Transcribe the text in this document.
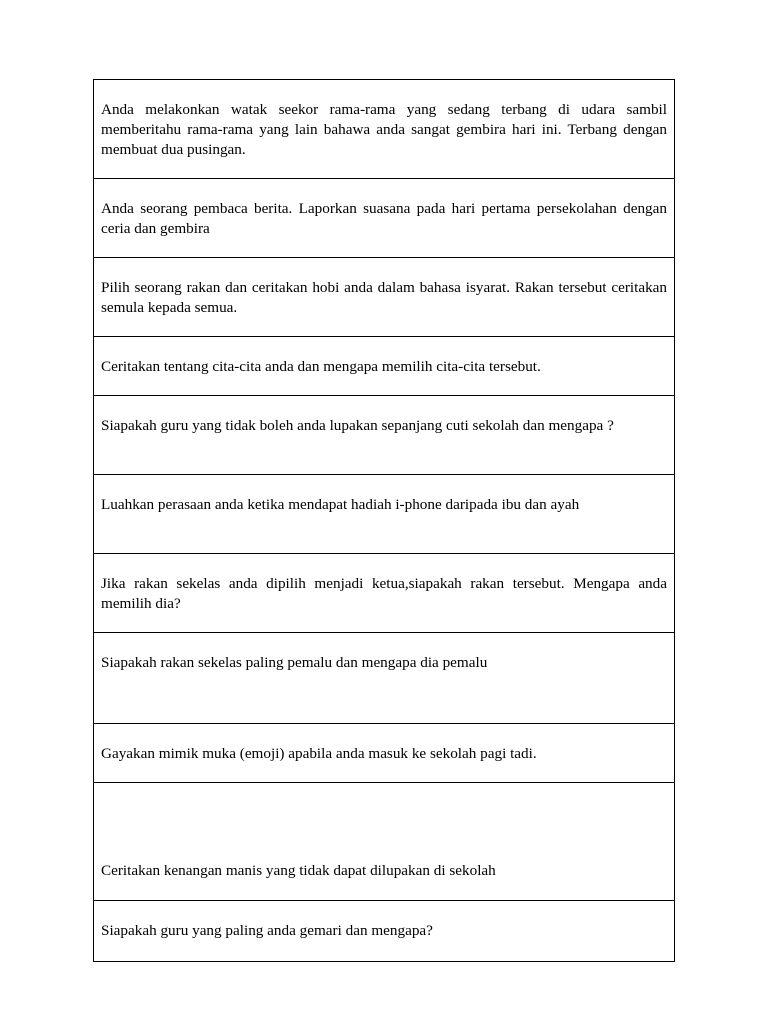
Anda melakonkan watak seekor rama-rama yang sedang terbang di udara sambil memberitahu rama-rama yang lain bahawa anda sangat gembira hari ini. Terbang dengan membuat dua pusingan.

Anda seorang pembaca berita. Laporkan suasana pada hari pertama persekolahan dengan ceria dan gembira

Pilih seorang rakan dan ceritakan hobi anda dalam bahasa isyarat. Rakan tersebut ceritakan semula kepada semua.

Ceritakan tentang cita-cita anda dan mengapa memilih cita-cita tersebut.

Siapakah guru yang tidak boleh anda lupakan sepanjang cuti sekolah dan mengapa ?

Luahkan perasaan anda ketika mendapat hadiah i-phone daripada ibu dan ayah

Jika rakan sekelas anda dipilih menjadi ketua,siapakah rakan tersebut. Mengapa anda memilih dia?

Siapakah rakan sekelas paling pemalu dan mengapa dia pemalu

Gayakan mimik muka (emoji) apabila anda masuk ke sekolah pagi tadi.

Ceritakan kenangan manis yang tidak dapat dilupakan di sekolah

Siapakah guru yang paling anda gemari dan mengapa?
